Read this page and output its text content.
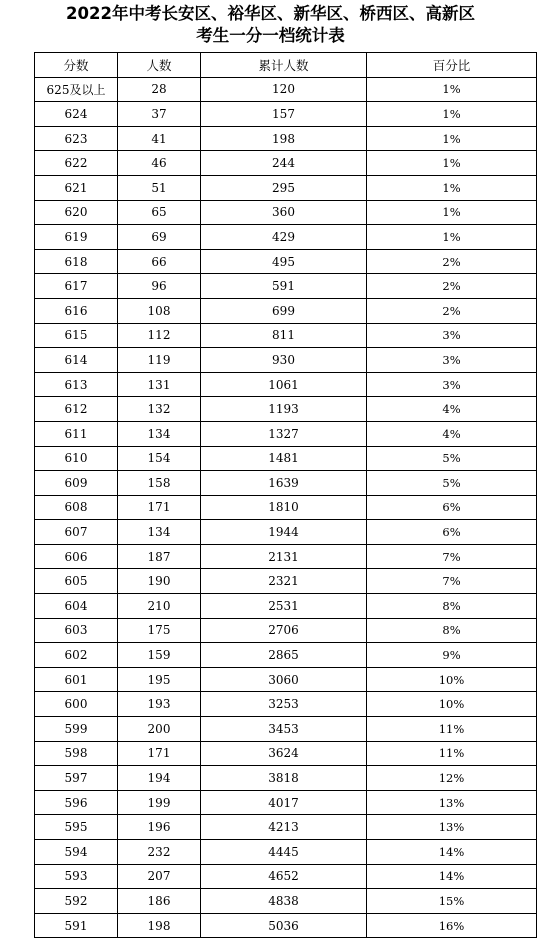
2022年中考长安区、裕华区、新华区、桥西区、高新区
考生一分一档统计表
分数	人数	累计人数	百分比
625及以上	28	120	1%
624	37	157	1%
623	41	198	1%
622	46	244	1%
621	51	295	1%
620	65	360	1%
619	69	429	1%
618	66	495	2%
617	96	591	2%
616	108	699	2%
615	112	811	3%
614	119	930	3%
613	131	1061	3%
612	132	1193	4%
611	134	1327	4%
610	154	1481	5%
609	158	1639	5%
608	171	1810	6%
607	134	1944	6%
606	187	2131	7%
605	190	2321	7%
604	210	2531	8%
603	175	2706	8%
602	159	2865	9%
601	195	3060	10%
600	193	3253	10%
599	200	3453	11%
598	171	3624	11%
597	194	3818	12%
596	199	4017	13%
595	196	4213	13%
594	232	4445	14%
593	207	4652	14%
592	186	4838	15%
591	198	5036	16%
